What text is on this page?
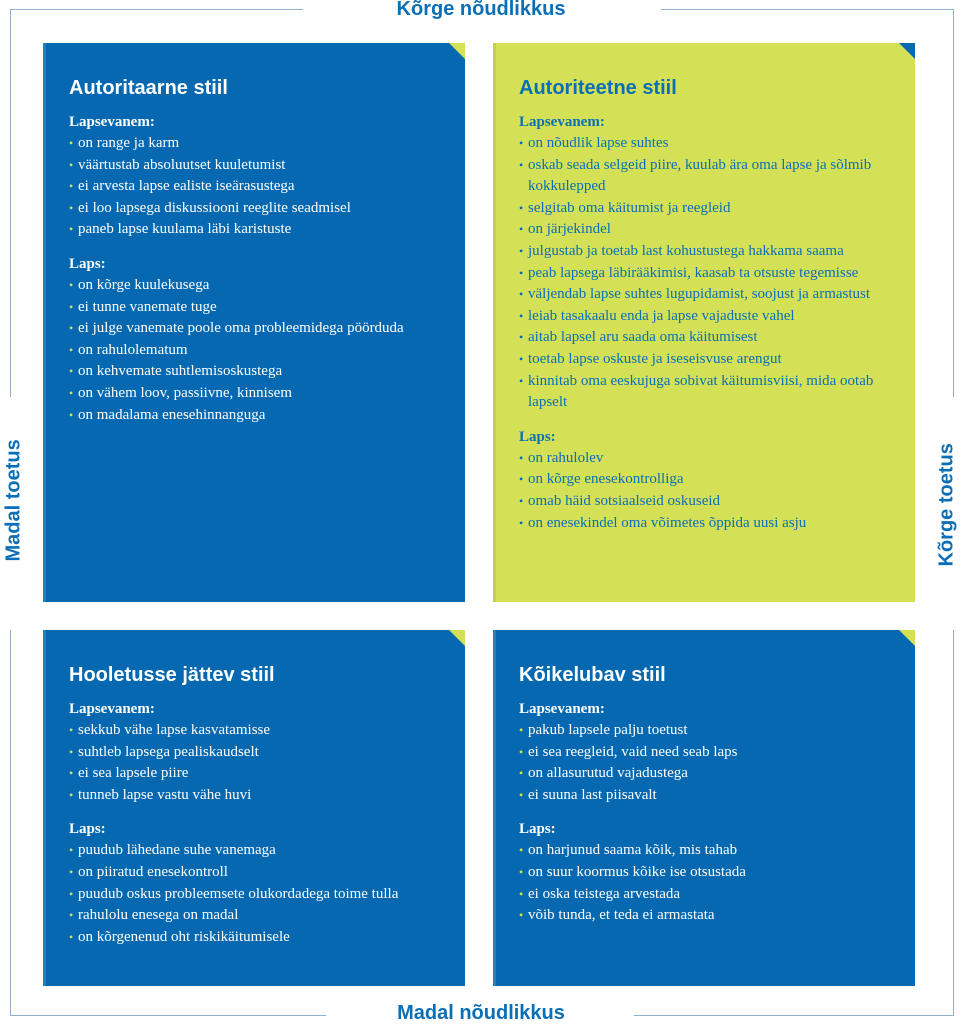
Kõrge nõudlikkus
Madal nõudlikkus
Madal toetus	Kõrge toetus
Autoritaarne stiil
Lapsevanem:
• on range ja karm
• väärtustab absoluutset kuuletumist
• ei arvesta lapse ealiste iseärasustega
• ei loo lapsega diskussiooni reeglite seadmisel
• paneb lapse kuulama läbi karistuste
Laps:
• on kõrge kuulekusega
• ei tunne vanemate tuge
• ei julge vanemate poole oma probleemidega pöörduda
• on rahulolematum
• on kehvemate suhtlemisoskustega
• on vähem loov, passiivne, kinnisem
• on madalama enesehinnanguga
Autoriteetne stiil
Lapsevanem:
• on nõudlik lapse suhtes
• oskab seada selgeid piire, kuulab ära oma lapse ja sõlmib kokkulepped
• selgitab oma käitumist ja reegleid
• on järjekindel
• julgustab ja toetab last kohustustega hakkama saama
• peab lapsega läbirääkimisi, kaasab ta otsuste tegemisse
• väljendab lapse suhtes lugupidamist, soojust ja armastust
• leiab tasakaalu enda ja lapse vajaduste vahel
• aitab lapsel aru saada oma käitumisest
• toetab lapse oskuste ja iseseisvuse arengut
• kinnitab oma eeskujuga sobivat käitumisviisi, mida ootab lapselt
Laps:
• on rahulolev
• on kõrge enesekontrolliga
• omab häid sotsiaalseid oskuseid
• on enesekindel oma võimetes õppida uusi asju
Hooletusse jättev stiil
Lapsevanem:
• sekkub vähe lapse kasvatamisse
• suhtleb lapsega pealiskaudselt
• ei sea lapsele piire
• tunneb lapse vastu vähe huvi
Laps:
• puudub lähedane suhe vanemaga
• on piiratud enesekontroll
• puudub oskus probleemsete olukordadega toime tulla
• rahulolu enesega on madal
• on kõrgenenud oht riskikäitumisele
Kõikelubav stiil
Lapsevanem:
• pakub lapsele palju toetust
• ei sea reegleid, vaid need seab laps
• on allasurutud vajadustega
• ei suuna last piisavalt
Laps:
• on harjunud saama kõik, mis tahab
• on suur koormus kõike ise otsustada
• ei oska teistega arvestada
• võib tunda, et teda ei armastata
